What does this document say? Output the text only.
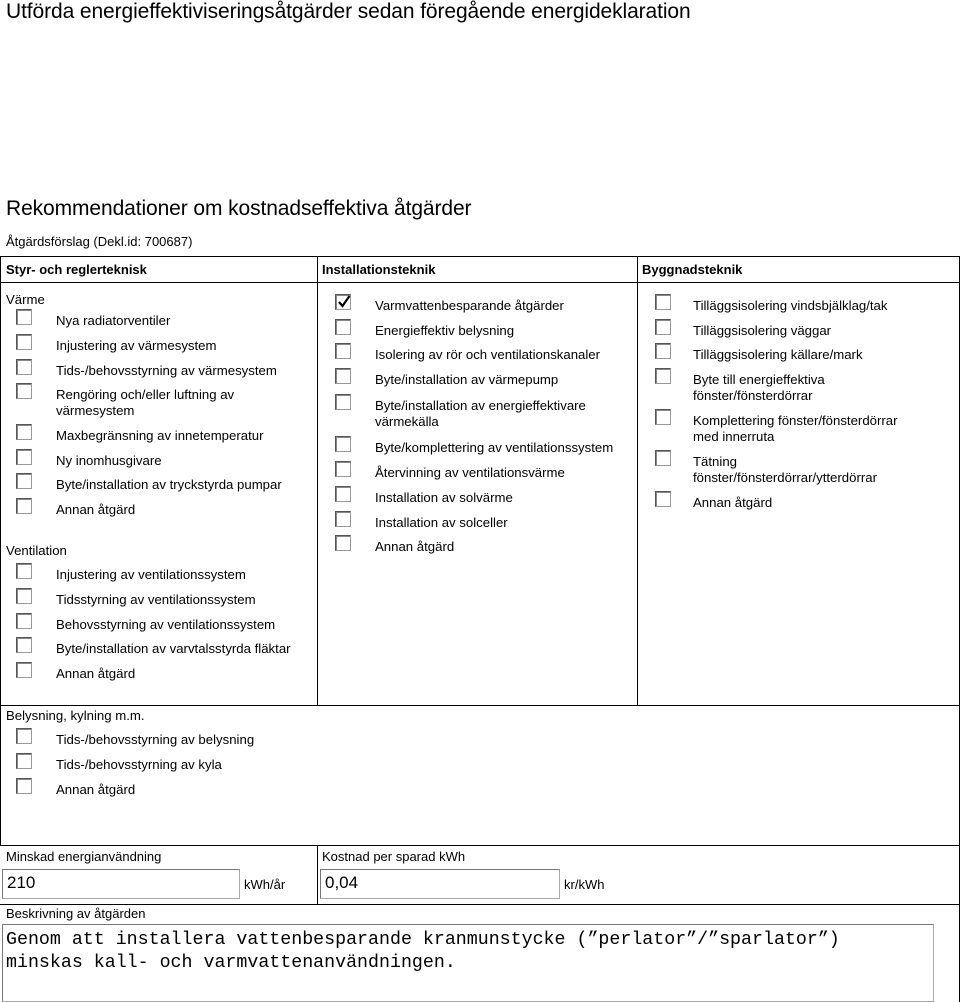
Utförda energieffektiviseringsåtgärder sedan föregående energideklaration
Rekommendationer om kostnadseffektiva åtgärder
Åtgärdsförslag (Dekl.id: 700687)
Styr- och reglerteknisk	Installationsteknik	Byggnadsteknik
Värme
Nya radiatorventiler
Injustering av värmesystem
Tids-/behovsstyrning av värmesystem
Rengöring och/eller luftning av
värmesystem
Maxbegränsning av innetemperatur
Ny inomhusgivare
Byte/installation av tryckstyrda pumpar
Annan åtgärd
Ventilation
Injustering av ventilationssystem
Tidsstyrning av ventilationssystem
Behovsstyrning av ventilationssystem
Byte/installation av varvtalsstyrda fläktar
Annan åtgärd
Belysning, kylning m.m.
Tids-/behovsstyrning av belysning
Tids-/behovsstyrning av kyla
Annan åtgärd
Varmvattenbesparande åtgärder
Energieffektiv belysning
Isolering av rör och ventilationskanaler
Byte/installation av värmepump
Byte/installation av energieffektivare
värmekälla
Byte/komplettering av ventilationssystem
Återvinning av ventilationsvärme
Installation av solvärme
Installation av solceller
Annan åtgärd
Tilläggsisolering vindsbjälklag/tak
Tilläggsisolering väggar
Tilläggsisolering källare/mark
Byte till energieffektiva
fönster/fönsterdörrar
Komplettering fönster/fönsterdörrar
med innerruta
Tätning
fönster/fönsterdörrar/ytterdörrar
Annan åtgärd
Minskad energianvändning
210	kWh/år
Kostnad per sparad kWh
0,04	kr/kWh
Beskrivning av åtgärden
Genom att installera vattenbesparande kranmunstycke (”perlator”/”sparlator”)
minskas kall- och varmvattenanvändningen.
